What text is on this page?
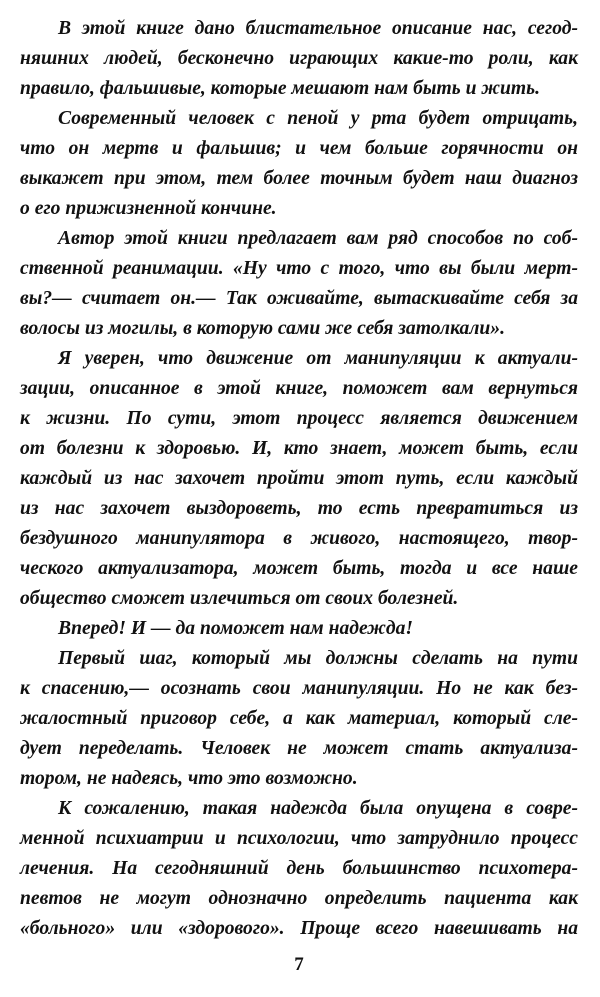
В этой книге дано блистательное описание нас, сегод-
няшних людей, бесконечно играющих какие-то роли, как
правило, фальшивые, которые мешают нам быть и жить.
Современный человек с пеной у рта будет отрицать,
что он мертв и фальшив; и чем больше горячности он
выкажет при этом, тем более точным будет наш диагноз
о его прижизненной кончине.
Автор этой книги предлагает вам ряд способов по соб-
ственной реанимации. «Ну что с того, что вы были мерт-
вы?— считает он.— Так оживайте, вытаскивайте себя за
волосы из могилы, в которую сами же себя затолкали».
Я уверен, что движение от манипуляции к актуали-
зации, описанное в этой книге, поможет вам вернуться
к жизни. По сути, этот процесс является движением
от болезни к здоровью. И, кто знает, может быть, если
каждый из нас захочет пройти этот путь, если каждый
из нас захочет выздороветь, то есть превратиться из
бездушного манипулятора в живого, настоящего, твор-
ческого актуализатора, может быть, тогда и все наше
общество сможет излечиться от своих болезней.
Вперед! И — да поможет нам надежда!
Первый шаг, который мы должны сделать на пути
к спасению,— осознать свои манипуляции. Но не как без-
жалостный приговор себе, а как материал, который сле-
дует переделать. Человек не может стать актуализа-
тором, не надеясь, что это возможно.
К сожалению, такая надежда была опущена в совре-
менной психиатрии и психологии, что затруднило процесс
лечения. На сегодняшний день большинство психотера-
певтов не могут однозначно определить пациента как
«больного» или «здорового». Проще всего навешивать на
7
